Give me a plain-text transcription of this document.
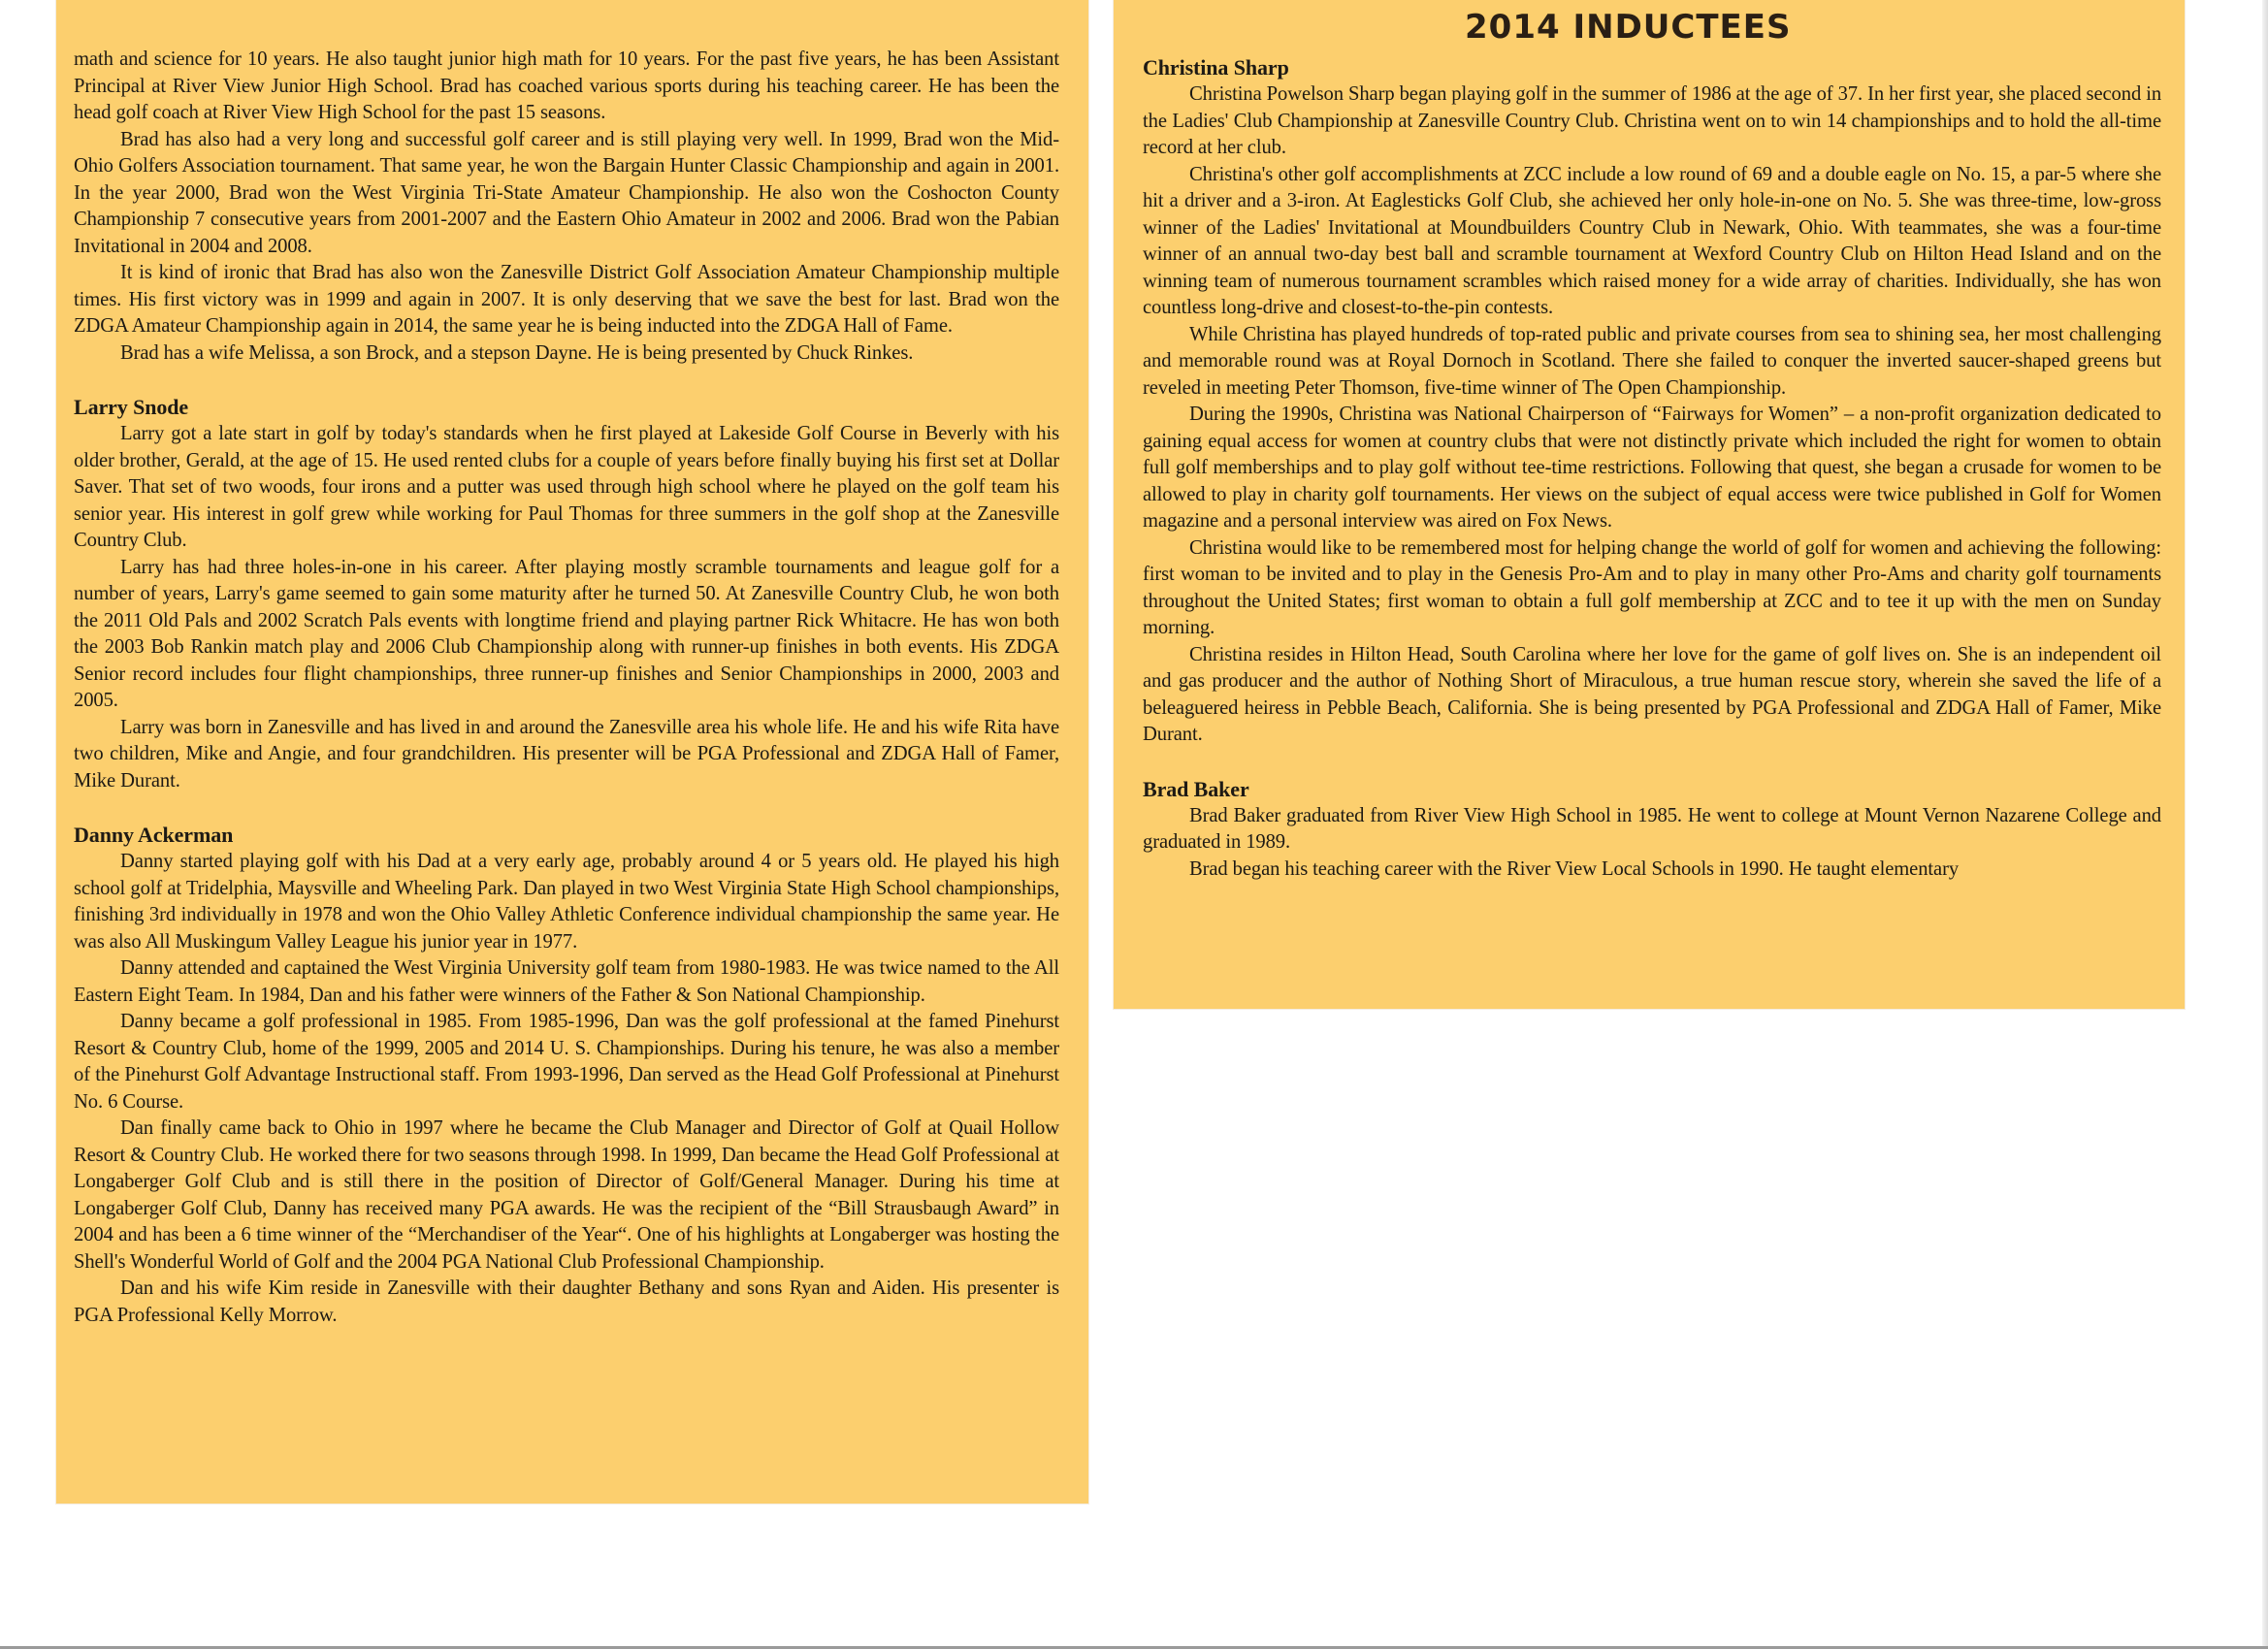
math and science for 10 years. He also taught junior high math for 10 years. For the past five years, he has been Assistant Principal at River View Junior High School. Brad has coached various sports during his teaching career. He has been the head golf coach at River View High School for the past 15 seasons.

Brad has also had a very long and successful golf career and is still playing very well. In 1999, Brad won the Mid-Ohio Golfers Association tournament. That same year, he won the Bargain Hunter Classic Championship and again in 2001. In the year 2000, Brad won the West Virginia Tri-State Amateur Championship. He also won the Coshocton County Championship 7 consecutive years from 2001-2007 and the Eastern Ohio Amateur in 2002 and 2006. Brad won the Pabian Invitational in 2004 and 2008.

It is kind of ironic that Brad has also won the Zanesville District Golf Association Amateur Championship multiple times. His first victory was in 1999 and again in 2007. It is only deserving that we save the best for last. Brad won the ZDGA Amateur Championship again in 2014, the same year he is being inducted into the ZDGA Hall of Fame.

Brad has a wife Melissa, a son Brock, and a stepson Dayne. He is being presented by Chuck Rinkes.

Larry Snode

Larry got a late start in golf by today's standards when he first played at Lakeside Golf Course in Beverly with his older brother, Gerald, at the age of 15. He used rented clubs for a couple of years before finally buying his first set at Dollar Saver. That set of two woods, four irons and a putter was used through high school where he played on the golf team his senior year. His interest in golf grew while working for Paul Thomas for three summers in the golf shop at the Zanesville Country Club.

Larry has had three holes-in-one in his career. After playing mostly scramble tournaments and league golf for a number of years, Larry's game seemed to gain some maturity after he turned 50. At Zanesville Country Club, he won both the 2011 Old Pals and 2002 Scratch Pals events with longtime friend and playing partner Rick Whitacre. He has won both the 2003 Bob Rankin match play and 2006 Club Championship along with runner-up finishes in both events. His ZDGA Senior record includes four flight championships, three runner-up finishes and Senior Championships in 2000, 2003 and 2005.

Larry was born in Zanesville and has lived in and around the Zanesville area his whole life. He and his wife Rita have two children, Mike and Angie, and four grandchildren. His presenter will be PGA Professional and ZDGA Hall of Famer, Mike Durant.

Danny Ackerman

Danny started playing golf with his Dad at a very early age, probably around 4 or 5 years old. He played his high school golf at Tridelphia, Maysville and Wheeling Park. Dan played in two West Virginia State High School championships, finishing 3rd individually in 1978 and won the Ohio Valley Athletic Conference individual championship the same year. He was also All Muskingum Valley League his junior year in 1977.

Danny attended and captained the West Virginia University golf team from 1980-1983. He was twice named to the All Eastern Eight Team. In 1984, Dan and his father were winners of the Father & Son National Championship.

Danny became a golf professional in 1985. From 1985-1996, Dan was the golf professional at the famed Pinehurst Resort & Country Club, home of the 1999, 2005 and 2014 U. S. Championships. During his tenure, he was also a member of the Pinehurst Golf Advantage Instructional staff. From 1993-1996, Dan served as the Head Golf Professional at Pinehurst No. 6 Course.

Dan finally came back to Ohio in 1997 where he became the Club Manager and Director of Golf at Quail Hollow Resort & Country Club. He worked there for two seasons through 1998. In 1999, Dan became the Head Golf Professional at Longaberger Golf Club and is still there in the position of Director of Golf/General Manager. During his time at Longaberger Golf Club, Danny has received many PGA awards. He was the recipient of the “Bill Strausbaugh Award” in 2004 and has been a 6 time winner of the “Merchandiser of the Year“. One of his highlights at Longaberger was hosting the Shell's Wonderful World of Golf and the 2004 PGA National Club Professional Championship.

Dan and his wife Kim reside in Zanesville with their daughter Bethany and sons Ryan and Aiden. His presenter is PGA Professional Kelly Morrow.

2014 INDUCTEES
Christina Sharp

Christina Powelson Sharp began playing golf in the summer of 1986 at the age of 37. In her first year, she placed second in the Ladies' Club Championship at Zanesville Country Club. Christina went on to win 14 championships and to hold the all-time record at her club.

Christina's other golf accomplishments at ZCC include a low round of 69 and a double eagle on No. 15, a par-5 where she hit a driver and a 3-iron. At Eaglesticks Golf Club, she achieved her only hole-in-one on No. 5. She was three-time, low-gross winner of the Ladies' Invitational at Moundbuilders Country Club in Newark, Ohio. With teammates, she was a four-time winner of an annual two-day best ball and scramble tournament at Wexford Country Club on Hilton Head Island and on the winning team of numerous tournament scrambles which raised money for a wide array of charities. Individually, she has won countless long-drive and closest-to-the-pin contests.

While Christina has played hundreds of top-rated public and private courses from sea to shining sea, her most challenging and memorable round was at Royal Dornoch in Scotland. There she failed to conquer the inverted saucer-shaped greens but reveled in meeting Peter Thomson, five-time winner of The Open Championship.

During the 1990s, Christina was National Chairperson of “Fairways for Women” – a non-profit organization dedicated to gaining equal access for women at country clubs that were not distinctly private which included the right for women to obtain full golf memberships and to play golf without tee-time restrictions. Following that quest, she began a crusade for women to be allowed to play in charity golf tournaments. Her views on the subject of equal access were twice published in Golf for Women magazine and a personal interview was aired on Fox News.

Christina would like to be remembered most for helping change the world of golf for women and achieving the following: first woman to be invited and to play in the Genesis Pro-Am and to play in many other Pro-Ams and charity golf tournaments throughout the United States; first woman to obtain a full golf membership at ZCC and to tee it up with the men on Sunday morning.

Christina resides in Hilton Head, South Carolina where her love for the game of golf lives on. She is an independent oil and gas producer and the author of Nothing Short of Miraculous, a true human rescue story, wherein she saved the life of a beleaguered heiress in Pebble Beach, California. She is being presented by PGA Professional and ZDGA Hall of Famer, Mike Durant.

Brad Baker

Brad Baker graduated from River View High School in 1985. He went to college at Mount Vernon Nazarene College and graduated in 1989.

Brad began his teaching career with the River View Local Schools in 1990. He taught elementary
